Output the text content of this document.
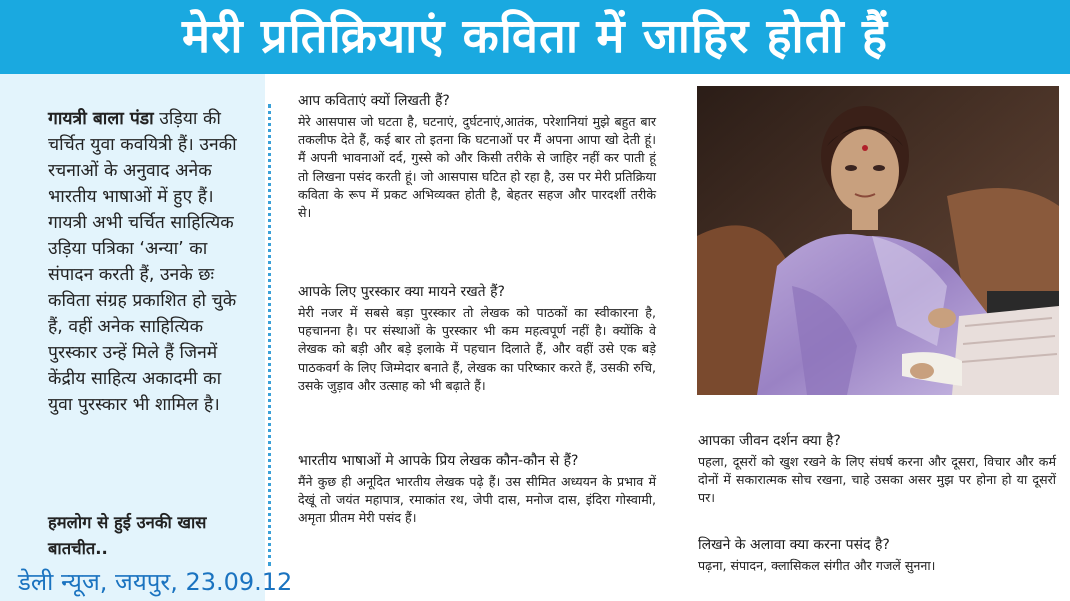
मेरी प्रतिक्रियाएं कविता में जाहिर होती हैं
गायत्री बाला पंडा उड़िया की चर्चित युवा कवयित्री हैं। उनकी रचनाओं के अनुवाद अनेक भारतीय भाषाओं में हुए हैं। गायत्री अभी चर्चित साहित्यिक उड़िया पत्रिका ‘अन्या’ का संपादन करती हैं, उनके छः कविता संग्रह प्रकाशित हो चुके हैं, वहीं अनेक साहित्यिक पुरस्कार उन्हें मिले हैं जिनमें केंद्रीय साहित्य अकादमी का युवा पुरस्कार भी शामिल है।
हमलोग से हुई उनकी खास बातचीत..
डेली न्यूज, जयपुर, 23.09.12
आप कविताएं क्यों लिखती हैं?
मेरे आसपास जो घटता है, घटनाएं, दुर्घटनाएं,आतंक, परेशानियां मुझे बहुत बार तकलीफ देते हैं, कई बार तो इतना कि घटनाओं पर मैं अपना आपा खो देती हूं। मैं अपनी भावनाओं दर्द, गुस्से को और किसी तरीके से जाहिर नहीं कर पाती हूं तो लिखना पसंद करती हूं। जो आसपास घटित हो रहा है, उस पर मेरी प्रतिक्रिया कविता के रूप में प्रकट अभिव्यक्त होती है, बेहतर सहज और पारदर्शी तरीके से।
आपके लिए पुरस्कार क्या मायने रखते हैं?
मेरी नजर में सबसे बड़ा पुरस्कार तो लेखक को पाठकों का स्वीकारना है, पहचानना है। पर संस्थाओं के पुरस्कार भी कम महत्वपूर्ण नहीं है। क्योंकि वे लेखक को बड़ी और बड़े इलाके में पहचान दिलाते हैं, और वहीं उसे एक बड़े पाठकवर्ग के लिए जिम्मेदार बनाते हैं, लेखक का परिष्कार करते हैं, उसकी रुचि, उसके जुड़ाव और उत्साह को भी बढ़ाते हैं।
भारतीय भाषाओं मे आपके प्रिय लेखक कौन-कौन से हैं?
मैंने कुछ ही अनूदित भारतीय लेखक पढ़े हैं। उस सीमित अध्ययन के प्रभाव में देखूं तो जयंत महापात्र, रमाकांत रथ, जेपी दास, मनोज दास, इंदिरा गोस्वामी, अमृता प्रीतम मेरी पसंद हैं।
आपका जीवन दर्शन क्या है?
पहला, दूसरों को खुश रखने के लिए संघर्ष करना और दूसरा, विचार और कर्म दोनों में सकारात्मक सोच रखना, चाहे उसका असर मुझ पर होना हो या दूसरों पर।
लिखने के अलावा क्या करना पसंद है?
पढ़ना, संपादन, क्लासिकल संगीत और गजलें सुनना।
